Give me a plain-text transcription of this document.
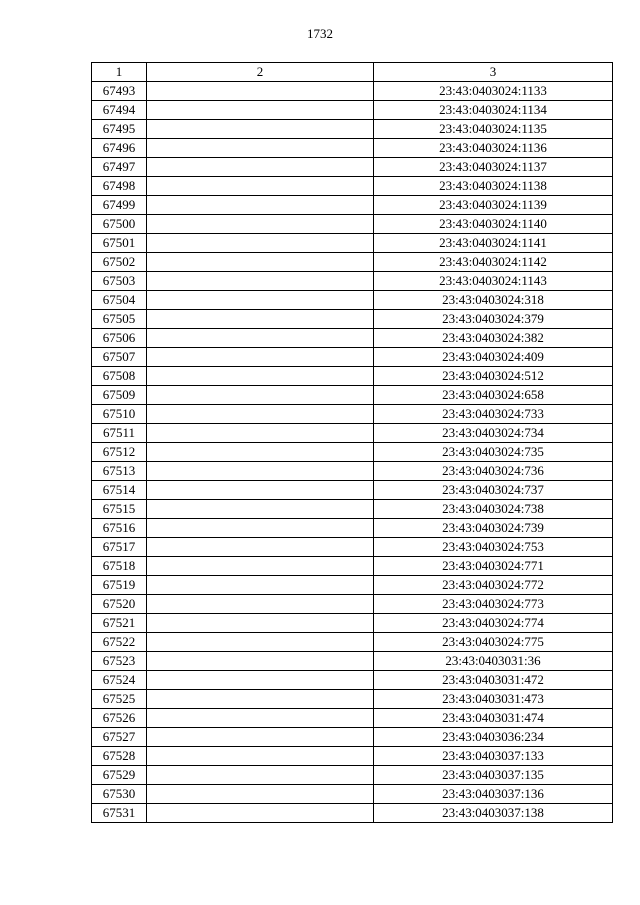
1732
1	2	3
67493		23:43:0403024:1133
67494		23:43:0403024:1134
67495		23:43:0403024:1135
67496		23:43:0403024:1136
67497		23:43:0403024:1137
67498		23:43:0403024:1138
67499		23:43:0403024:1139
67500		23:43:0403024:1140
67501		23:43:0403024:1141
67502		23:43:0403024:1142
67503		23:43:0403024:1143
67504		23:43:0403024:318
67505		23:43:0403024:379
67506		23:43:0403024:382
67507		23:43:0403024:409
67508		23:43:0403024:512
67509		23:43:0403024:658
67510		23:43:0403024:733
67511		23:43:0403024:734
67512		23:43:0403024:735
67513		23:43:0403024:736
67514		23:43:0403024:737
67515		23:43:0403024:738
67516		23:43:0403024:739
67517		23:43:0403024:753
67518		23:43:0403024:771
67519		23:43:0403024:772
67520		23:43:0403024:773
67521		23:43:0403024:774
67522		23:43:0403024:775
67523		23:43:0403031:36
67524		23:43:0403031:472
67525		23:43:0403031:473
67526		23:43:0403031:474
67527		23:43:0403036:234
67528		23:43:0403037:133
67529		23:43:0403037:135
67530		23:43:0403037:136
67531		23:43:0403037:138
